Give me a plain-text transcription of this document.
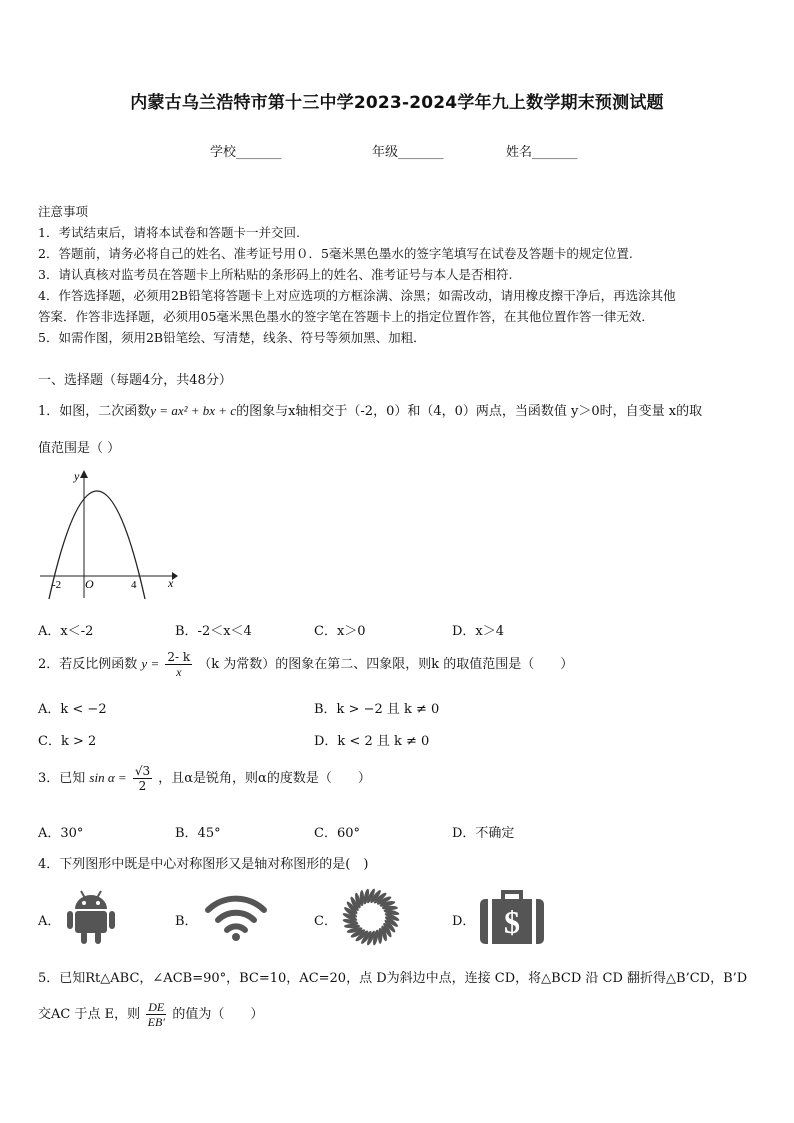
内蒙古乌兰浩特市第十三中学2023-2024学年九上数学期末预测试题
学校_______	年级_______	姓名_______
注意事项
1．考试结束后，请将本试卷和答题卡一并交回.
2．答题前，请务必将自己的姓名、准考证号用０．5毫米黑色墨水的签字笔填写在试卷及答题卡的规定位置.
3．请认真核对监考员在答题卡上所粘贴的条形码上的姓名、准考证号与本人是否相符.
4．作答选择题，必须用2B铅笔将答题卡上对应选项的方框涂满、涂黑；如需改动，请用橡皮擦干净后，再选涂其他
答案．作答非选择题，必须用05毫米黑色墨水的签字笔在答题卡上的指定位置作答，在其他位置作答一律无效．
5．如需作图，须用2B铅笔绘、写清楚，线条、符号等须加黑、加粗．
一、选择题（每题4分，共48分）
1．如图，二次函数y = ax² + bx + c的图象与x轴相交于（-2，0）和（4，0）两点，当函数值 y＞0时，自变量 x的取
值范围是（ ）
y
x
O
-2	4
A．x＜-2	B．-2＜x＜4	C．x＞0	D．x＞4
2．若反比例函数 $y = \frac{2- k}{x} (k$ 为常数）的图象在第二、四象限，则k 的取值范围是（　　）
A．k < −2	B．k > −2 且 k ≠ 0
C．k > 2	D．k < 2 且 k ≠ 0
3．已知 $\sin \alpha = \frac{√3}{2}$ ，且α是锐角，则α的度数是（　　）
A．30°	B．45°	C．60°	D．不确定
4．下列图形中既是中心对称图形又是轴对称图形的是(　)
A．	B．	C．	D． $
5．已知Rt△ABC，∠ACB=90°，BC=10，AC=20，点 D为斜边中点，连接 CD，将△BCD 沿 CD 翻折得△B’CD，B’D
交AC 于点 E，则 $\frac{DE}{EB'}$ 的值为（　　）
